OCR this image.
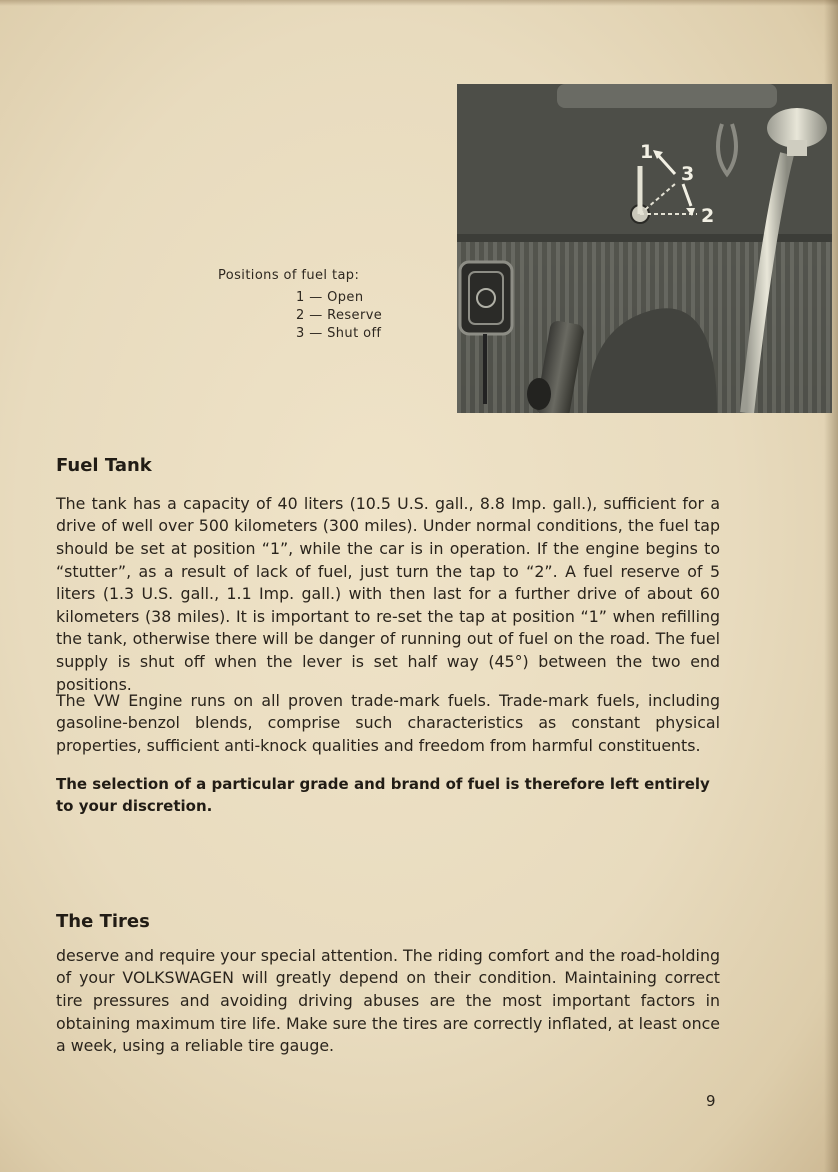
Positions of fuel tap:

1 — Open
2 — Reserve
3 — Shut off
1
2
3
Fuel Tank

The tank has a capacity of 40 liters (10.5 U.S. gall., 8.8 Imp. gall.), sufficient for a drive of well over 500 kilometers (300 miles). Under normal conditions, the fuel tap should be set at position “1”, while the car is in operation. If the engine begins to “stutter”, as a result of lack of fuel, just turn the tap to “2”. A fuel reserve of 5 liters (1.3 U.S. gall., 1.1 Imp. gall.) with then last for a further drive of about 60 kilometers (38 miles). It is important to re-set the tap at position “1” when refilling the tank, otherwise there will be danger of running out of fuel on the road. The fuel supply is shut off when the lever is set half way (45°) between the two end positions.

The VW Engine runs on all proven trade-mark fuels. Trade-mark fuels, including gasoline-benzol blends, comprise such characteristics as constant physical properties, sufficient anti-knock qualities and freedom from harmful constituents.

The selection of a particular grade and brand of fuel is therefore left entirely to your discretion.

The Tires

deserve and require your special attention. The riding comfort and the road-holding of your VOLKSWAGEN will greatly depend on their condition. Maintaining correct tire pressures and avoiding driving abuses are the most important factors in obtaining maximum tire life. Make sure the tires are correctly inflated, at least once a week, using a reliable tire gauge.

9
